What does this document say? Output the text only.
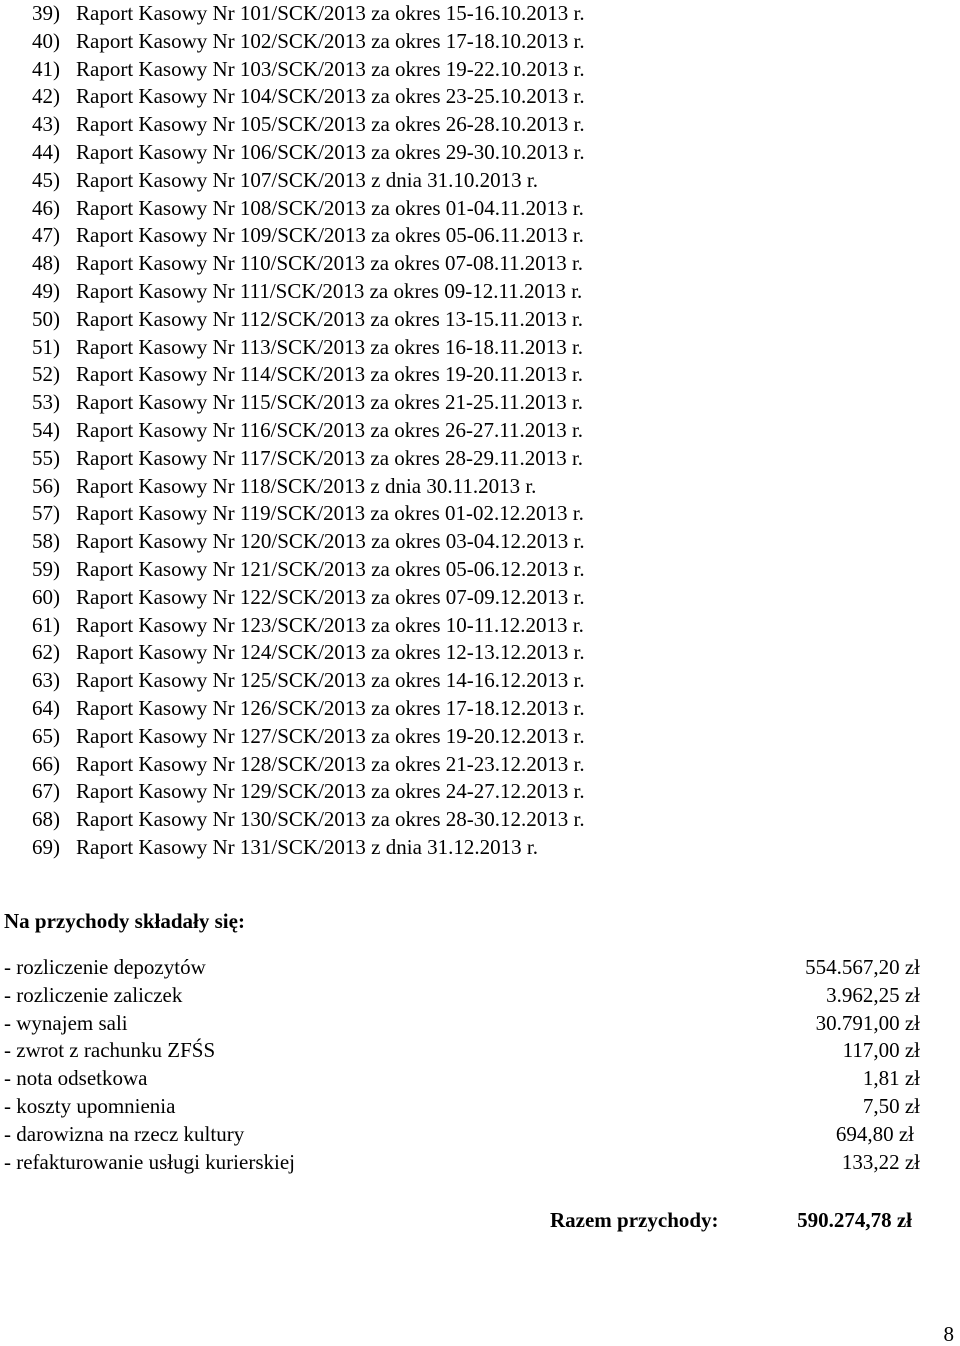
39) Raport Kasowy Nr 101/SCK/2013 za okres 15-16.10.2013 r.
40) Raport Kasowy Nr 102/SCK/2013 za okres 17-18.10.2013 r.
41) Raport Kasowy Nr 103/SCK/2013 za okres 19-22.10.2013 r.
42) Raport Kasowy Nr 104/SCK/2013 za okres 23-25.10.2013 r.
43) Raport Kasowy Nr 105/SCK/2013 za okres 26-28.10.2013 r.
44) Raport Kasowy Nr 106/SCK/2013 za okres 29-30.10.2013 r.
45) Raport Kasowy Nr 107/SCK/2013 z dnia 31.10.2013 r.
46) Raport Kasowy Nr 108/SCK/2013 za okres 01-04.11.2013 r.
47) Raport Kasowy Nr 109/SCK/2013 za okres 05-06.11.2013 r.
48) Raport Kasowy Nr 110/SCK/2013 za okres 07-08.11.2013 r.
49) Raport Kasowy Nr 111/SCK/2013 za okres 09-12.11.2013 r.
50) Raport Kasowy Nr 112/SCK/2013 za okres 13-15.11.2013 r.
51) Raport Kasowy Nr 113/SCK/2013 za okres 16-18.11.2013 r.
52) Raport Kasowy Nr 114/SCK/2013 za okres 19-20.11.2013 r.
53) Raport Kasowy Nr 115/SCK/2013 za okres 21-25.11.2013 r.
54) Raport Kasowy Nr 116/SCK/2013 za okres 26-27.11.2013 r.
55) Raport Kasowy Nr 117/SCK/2013 za okres 28-29.11.2013 r.
56) Raport Kasowy Nr 118/SCK/2013 z dnia 30.11.2013 r.
57) Raport Kasowy Nr 119/SCK/2013 za okres 01-02.12.2013 r.
58) Raport Kasowy Nr 120/SCK/2013 za okres 03-04.12.2013 r.
59) Raport Kasowy Nr 121/SCK/2013 za okres 05-06.12.2013 r.
60) Raport Kasowy Nr 122/SCK/2013 za okres 07-09.12.2013 r.
61) Raport Kasowy Nr 123/SCK/2013 za okres 10-11.12.2013 r.
62) Raport Kasowy Nr 124/SCK/2013 za okres 12-13.12.2013 r.
63) Raport Kasowy Nr 125/SCK/2013 za okres 14-16.12.2013 r.
64) Raport Kasowy Nr 126/SCK/2013 za okres 17-18.12.2013 r.
65) Raport Kasowy Nr 127/SCK/2013 za okres 19-20.12.2013 r.
66) Raport Kasowy Nr 128/SCK/2013 za okres 21-23.12.2013 r.
67) Raport Kasowy Nr 129/SCK/2013 za okres 24-27.12.2013 r.
68) Raport Kasowy Nr 130/SCK/2013 za okres 28-30.12.2013 r.
69) Raport Kasowy Nr 131/SCK/2013 z dnia 31.12.2013 r.
Na przychody składały się:
- rozliczenie depozytów	554.567,20 zł
- rozliczenie zaliczek	3.962,25 zł
- wynajem sali	30.791,00 zł
- zwrot z rachunku ZFŚS	117,00 zł
- nota odsetkowa	1,81 zł
- koszty upomnienia	7,50 zł
- darowizna na rzecz kultury	694,80 zł
- refakturowanie usługi kurierskiej	133,22 zł
Razem przychody:	590.274,78 zł
8
